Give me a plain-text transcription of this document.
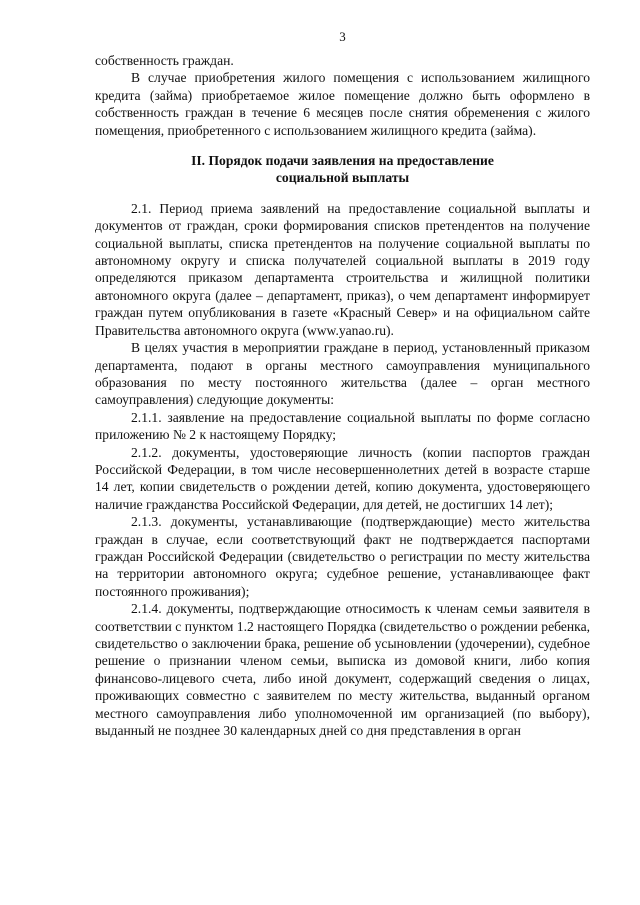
3

собственность граждан.

В случае приобретения жилого помещения с использованием жилищного кредита (займа) приобретаемое жилое помещение должно быть оформлено в собственность граждан в течение 6 месяцев после снятия обременения с жилого помещения, приобретенного с использованием жилищного кредита (займа).

II. Порядок подачи заявления на предоставление
социальной выплаты

2.1. Период приема заявлений на предоставление социальной выплаты и документов от граждан, сроки формирования списков претендентов на получение социальной выплаты, списка претендентов на получение социальной выплаты по автономному округу и списка получателей социальной выплаты в 2019 году определяются приказом департамента строительства и жилищной политики автономного округа (далее – департамент, приказ), о чем департамент информирует граждан путем опубликования в газете «Красный Север» и на официальном сайте Правительства автономного округа (www.yanao.ru).

В целях участия в мероприятии граждане в период, установленный приказом департамента, подают в органы местного самоуправления муниципального образования по месту постоянного жительства (далее – орган местного самоуправления) следующие документы:

2.1.1. заявление на предоставление социальной выплаты по форме согласно приложению № 2 к настоящему Порядку;

2.1.2. документы, удостоверяющие личность (копии паспортов граждан Российской Федерации, в том числе несовершеннолетних детей в возрасте старше 14 лет, копии свидетельств о рождении детей, копию документа, удостоверяющего наличие гражданства Российской Федерации, для детей, не достигших 14 лет);

2.1.3. документы, устанавливающие (подтверждающие) место жительства граждан в случае, если соответствующий факт не подтверждается паспортами граждан Российской Федерации (свидетельство о регистрации по месту жительства на территории автономного округа; судебное решение, устанавливающее факт постоянного проживания);

2.1.4. документы, подтверждающие относимость к членам семьи заявителя в соответствии с пунктом 1.2 настоящего Порядка (свидетельство о рождении ребенка, свидетельство о заключении брака, решение об усыновлении (удочерении), судебное решение о признании членом семьи, выписка из домовой книги, либо копия финансово-лицевого счета, либо иной документ, содержащий сведения о лицах, проживающих совместно с заявителем по месту жительства, выданный органом местного самоуправления либо уполномоченной им организацией (по выбору), выданный не позднее 30 календарных дней со дня представления в орган
